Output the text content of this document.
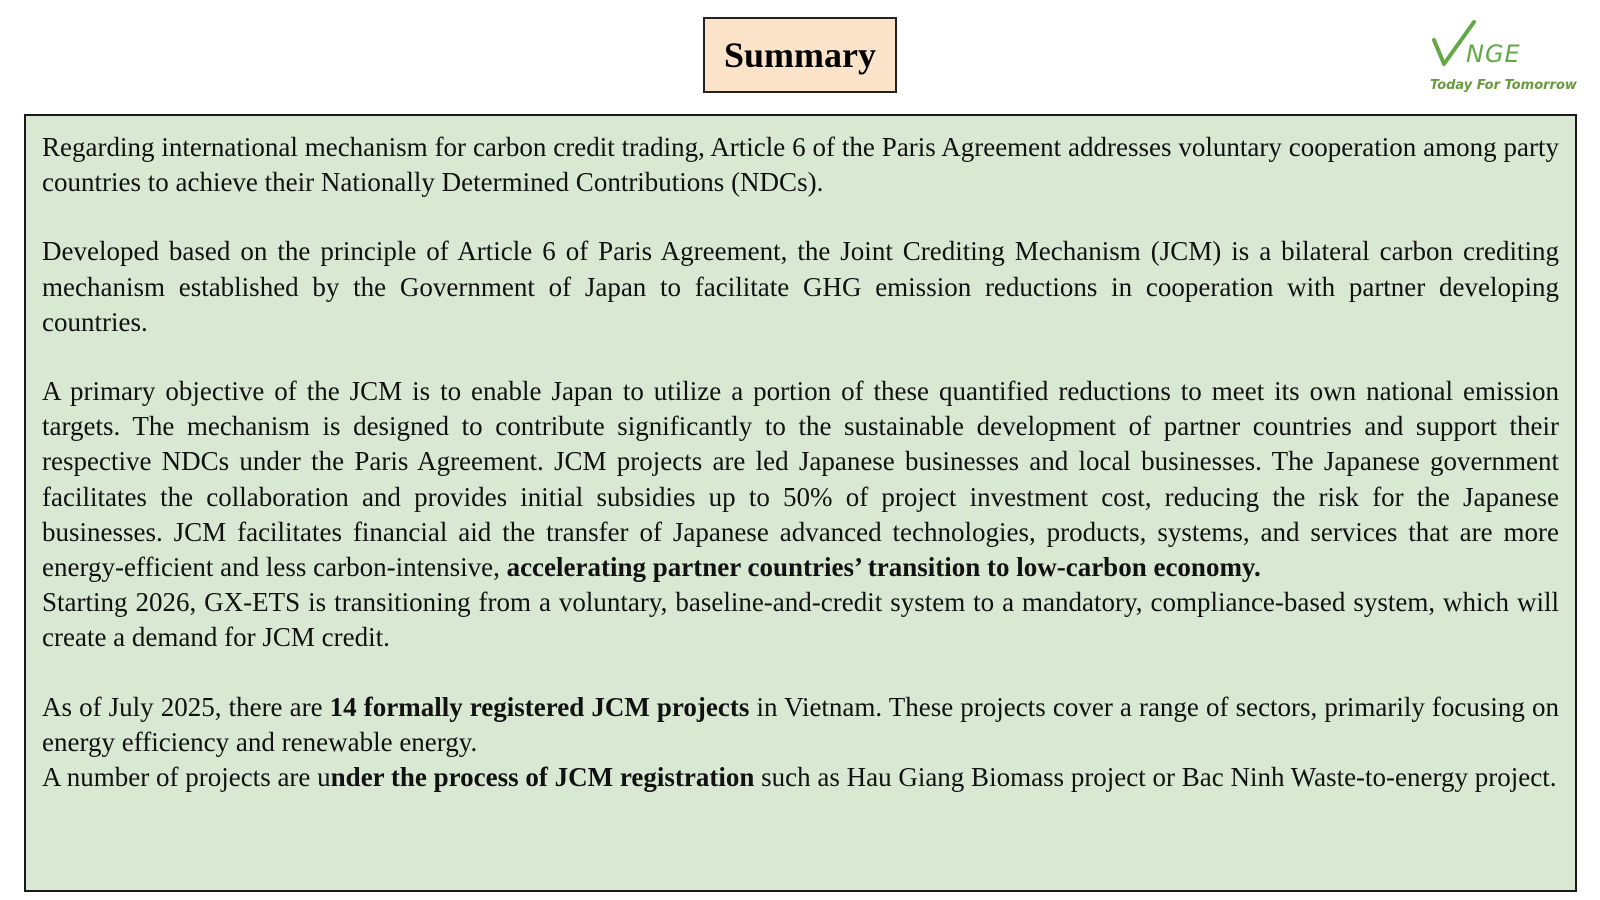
Summary	NGE
Today For Tomorrow

Regarding international mechanism for carbon credit trading, Article 6 of the Paris Agreement addresses voluntary cooperation among party countries to achieve their Nationally Determined Contributions (NDCs).

Developed based on the principle of Article 6 of Paris Agreement, the Joint Crediting Mechanism (JCM) is a bilateral carbon crediting mechanism established by the Government of Japan to facilitate GHG emission reductions in cooperation with partner developing countries.

A primary objective of the JCM is to enable Japan to utilize a portion of these quantified reductions to meet its own national emission targets. The mechanism is designed to contribute significantly to the sustainable development of partner countries and support their respective NDCs under the Paris Agreement. JCM projects are led Japanese businesses and local businesses. The Japanese government facilitates the collaboration and provides initial subsidies up to 50% of project investment cost, reducing the risk for the Japanese businesses. JCM facilitates financial aid the transfer of Japanese advanced technologies, products, systems, and services that are more energy-efficient and less carbon-intensive, accelerating partner countries’ transition to low-carbon economy.

Starting 2026, GX-ETS is transitioning from a voluntary, baseline-and-credit system to a mandatory, compliance-based system, which will create a demand for JCM credit.

As of July 2025, there are 14 formally registered JCM projects in Vietnam. These projects cover a range of sectors, primarily focusing on energy efficiency and renewable energy.

A number of projects are under the process of JCM registration such as Hau Giang Biomass project or Bac Ninh Waste-to-energy project.
